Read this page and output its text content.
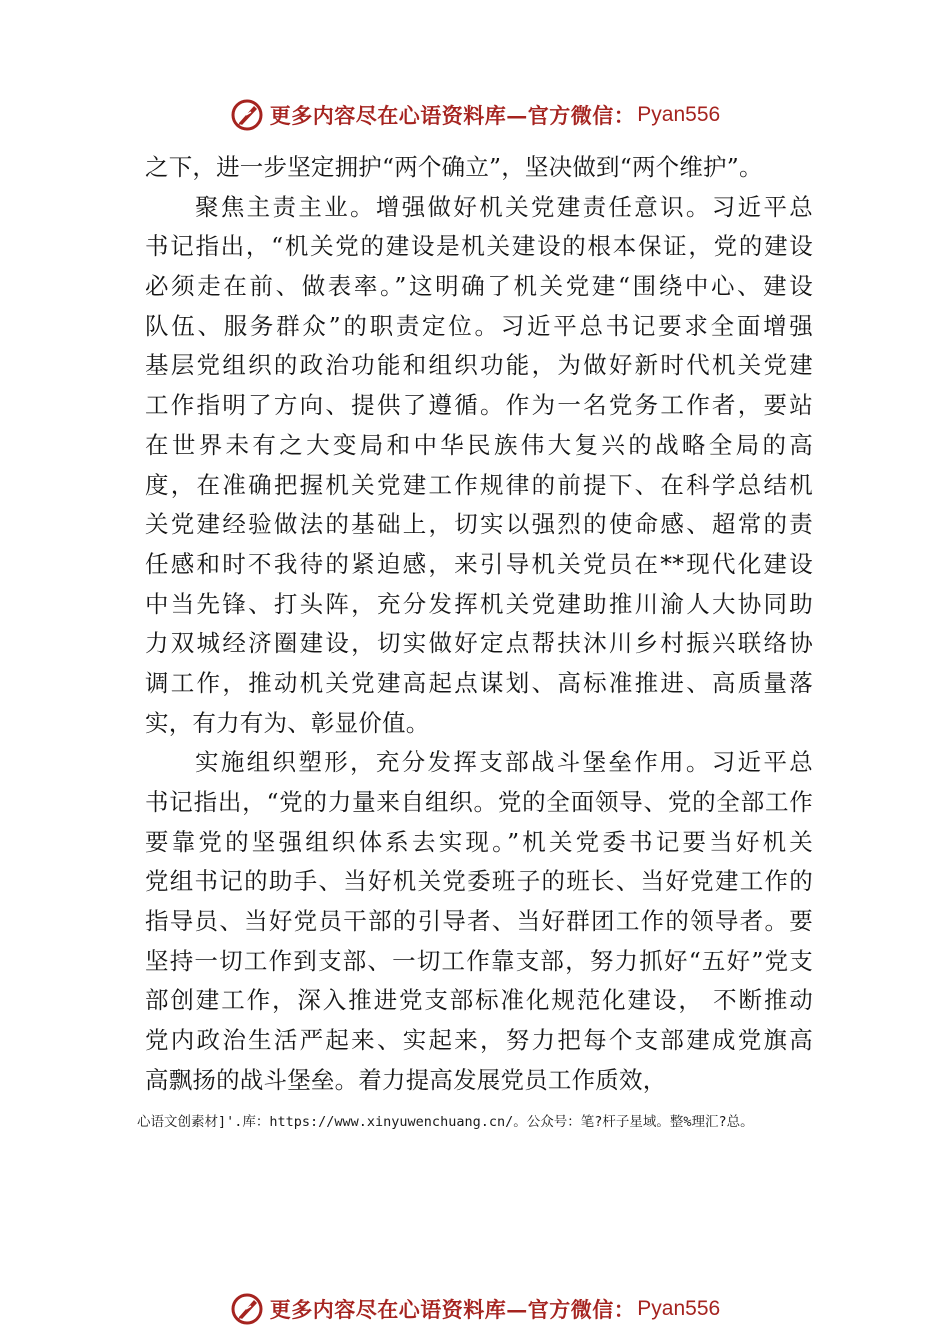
更多内容尽在心语资料库—官方微信： Pyan556
之下，进一步坚定拥护“两个确立”，坚决做到“两个维护”。
聚焦主责主业。增强做好机关党建责任意识。习近平总
书记指出，“机关党的建设是机关建设的根本保证，党的建设
必须走在前、做表率。”这明确了机关党建“围绕中心、建设
队伍、服务群众”的职责定位。习近平总书记要求全面增强
基层党组织的政治功能和组织功能，为做好新时代机关党建
工作指明了方向、提供了遵循。作为一名党务工作者，要站
在世界未有之大变局和中华民族伟大复兴的战略全局的高
度，在准确把握机关党建工作规律的前提下、在科学总结机
关党建经验做法的基础上，切实以强烈的使命感、超常的责
任感和时不我待的紧迫感，来引导机关党员在**现代化建设
中当先锋、打头阵，充分发挥机关党建助推川渝人大协同助
力双城经济圈建设，切实做好定点帮扶沐川乡村振兴联络协
调工作，推动机关党建高起点谋划、高标准推进、高质量落
实，有力有为、彰显价值。
实施组织塑形，充分发挥支部战斗堡垒作用。习近平总
书记指出，“党的力量来自组织。党的全面领导、党的全部工作
要靠党的坚强组织体系去实现。”机关党委书记要当好机关
党组书记的助手、当好机关党委班子的班长、当好党建工作的
指导员、当好党员干部的引导者、当好群团工作的领导者。要
坚持一切工作到支部、一切工作靠支部，努力抓好“五好”党支
部创建工作，深入推进党支部标准化规范化建设， 不断推动
党内政治生活严起来、实起来，努力把每个支部建成党旗高
高飘扬的战斗堡垒。着力提高发展党员工作质效，
心语文创素材]'.库：https://www.xinyuwenchuang.cn/。公众号：笔?杆子星域。整%理汇?总。
更多内容尽在心语资料库—官方微信： Pyan556
